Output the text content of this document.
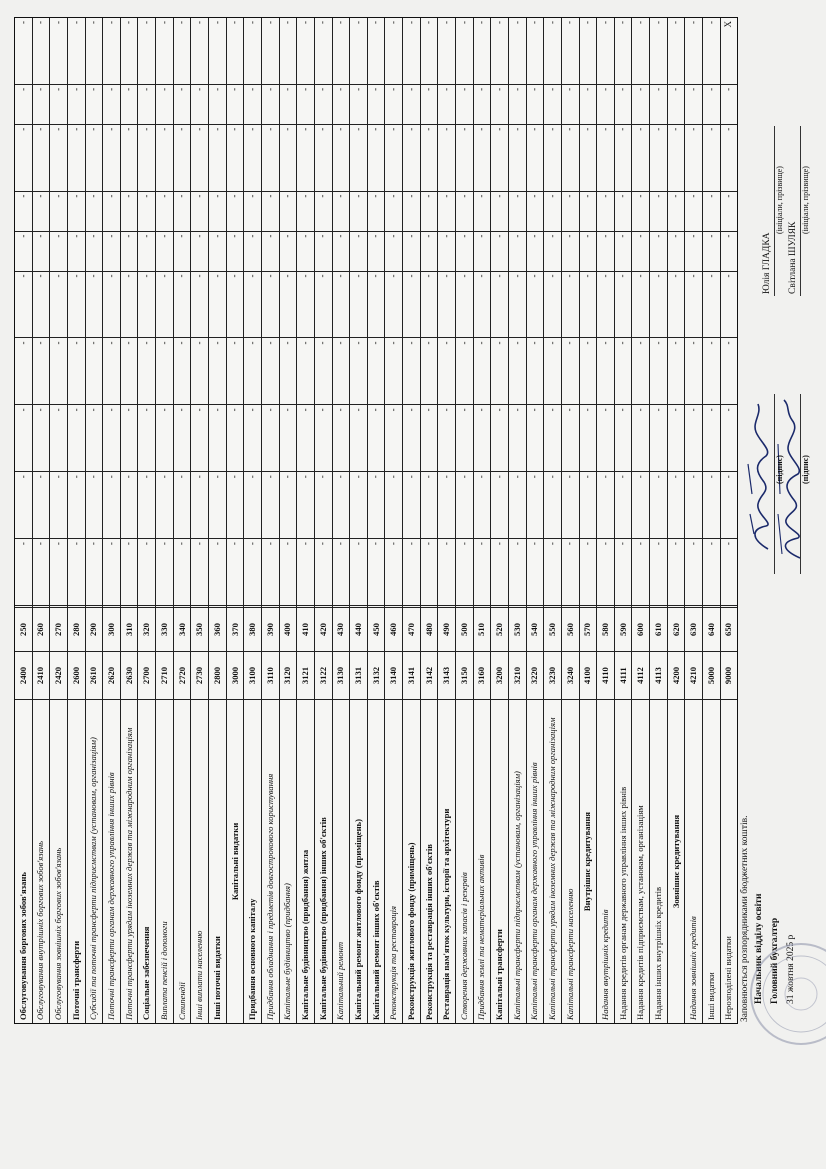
Обслуговування боргових зобов'язань
2400
250
-
-
-
-
-
-
-
-
-
-
Обслуговування внутрішніх боргових зобов'язань
2410
260
-
-
-
-
-
-
-
-
-
-
Обслуговування зовнішніх боргових зобов'язань
2420
270
-
-
-
-
-
-
-
-
-
-
Поточні трансферти
2600
280
-
-
-
-
-
-
-
-
-
-
Субсидії та поточні трансферти підприємствам (установам, організаціям)
2610
290
-
-
-
-
-
-
-
-
-
-
Поточні трансферти органам державного управління інших рівнів
2620
300
-
-
-
-
-
-
-
-
-
-
Поточні трансферти урядам іноземних держав та міжнародним організаціям
2630
310
-
-
-
-
-
-
-
-
-
-
Соціальне забезпечення
2700
320
-
-
-
-
-
-
-
-
-
-
Виплата пенсій і допомоги
2710
330
-
-
-
-
-
-
-
-
-
-
Стипендії
2720
340
-
-
-
-
-
-
-
-
-
-
Інші виплати населенню
2730
350
-
-
-
-
-
-
-
-
-
-
Інші поточні видатки
2800
360
-
-
-
-
-
-
-
-
-
-
Капітальні видатки
3000
370
-
-
-
-
-
-
-
-
-
-
Придбання основного капіталу
3100
380
-
-
-
-
-
-
-
-
-
-
Придбання обладнання і предметів довгострокового користування
3110
390
-
-
-
-
-
-
-
-
-
-
Капітальне будівництво (придбання)
3120
400
-
-
-
-
-
-
-
-
-
-
Капітальне будівництво (придбання) житла
3121
410
-
-
-
-
-
-
-
-
-
-
Капітальне будівництво (придбання) інших об'єктів
3122
420
-
-
-
-
-
-
-
-
-
-
Капітальний ремонт
3130
430
-
-
-
-
-
-
-
-
-
-
Капітальний ремонт житлового фонду (приміщень)
3131
440
-
-
-
-
-
-
-
-
-
-
Капітальний ремонт інших об'єктів
3132
450
-
-
-
-
-
-
-
-
-
-
Реконструкція та реставрація
3140
460
-
-
-
-
-
-
-
-
-
-
Реконструкція житлового фонду (приміщень)
3141
470
-
-
-
-
-
-
-
-
-
-
Реконструкція та реставрація інших об'єктів
3142
480
-
-
-
-
-
-
-
-
-
-
Реставрація пам'яток культури, історії та архітектури
3143
490
-
-
-
-
-
-
-
-
-
-
Створення державних запасів і резервів
3150
500
-
-
-
-
-
-
-
-
-
-
Придбання землі та нематеріальних активів
3160
510
-
-
-
-
-
-
-
-
-
-
Капітальні трансферти
3200
520
-
-
-
-
-
-
-
-
-
-
Капітальні трансферти підприємствам (установам, організаціям)
3210
530
-
-
-
-
-
-
-
-
-
-
Капітальні трансферти органам державного управління інших рівнів
3220
540
-
-
-
-
-
-
-
-
-
-
Капітальні трансферти урядам іноземних держав та міжнародним організаціям
3230
550
-
-
-
-
-
-
-
-
-
-
Капітальні трансферти населенню
3240
560
-
-
-
-
-
-
-
-
-
-
Внутрішнє кредитування
4100
570
-
-
-
-
-
-
-
-
-
-
Надання внутрішніх кредитів
4110
580
-
-
-
-
-
-
-
-
-
-
Надання кредитів органам державного управління інших рівнів
4111
590
-
-
-
-
-
-
-
-
-
-
Надання кредитів підприємствам, установам, організаціям
4112
600
-
-
-
-
-
-
-
-
-
-
Надання інших внутрішніх кредитів
4113
610
-
-
-
-
-
-
-
-
-
-
Зовнішнє кредитування
4200
620
-
-
-
-
-
-
-
-
-
-
Надання зовнішніх кредитів
4210
630
-
-
-
-
-
-
-
-
-
-
Інші видатки
5000
640
-
-
-
-
-
-
-
-
-
-
Нерозподілені видатки
9000
650
-
-
-
-
-
-
-
-
-
X
Заповнюється розпорядниками бюджетних коштів. Начальник відділу освіти Головний бухгалтер 31 жовтня 2025 р
(підпис) (підпис)
Юлія ГЛАДКА
(ініціали, прізвище)
Світлана ШУЛЯК
(ініціали, прізвище)
